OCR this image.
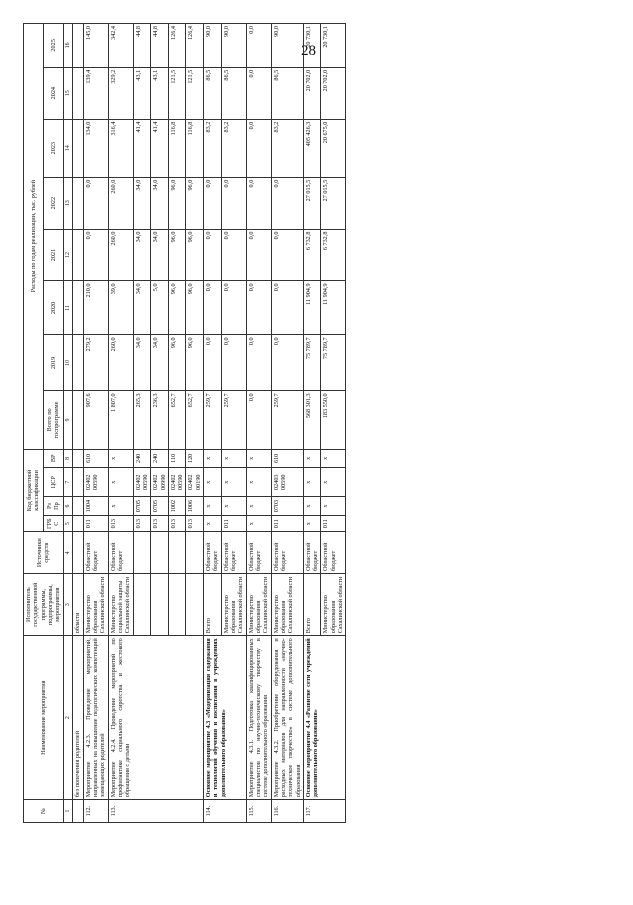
28
№	Наименование мероприятия	Исполнитель государственной программы, подпрограммы, мероприятия	Источники средств	Код бюджетной классификации				Расходы по годам реализации, тыс. рублей							
				ГРБС	Рз Пр	ЦСР	ВР	Всего по госпрограмме	2019	2020	2021	2022	2023	2024	2025
1	2	3	4	5	6	7	8	9	10	11	12	13	14	15	16
	без попечения родителей	области													
112.	Мероприятие 4.2.3. Проведение мероприятий, направленных на повышение педагогических компетенций замещающих родителей	Министерство образования Сахалинской области	Областной бюджет	011	1004	02402 00590	610	907,6	279,2	210,0	0,0	0,0	134,0	139,4	145,0
113.	Мероприятие 4.2.4. Проведение мероприятий по профилактике социального сиротства и жестокого обращения с детьми	Министерство социальной защиты Сахалинской области	Областной бюджет	013	х	х	х	1 807,0	260,0	39,0	260,0	260,0	316,4	329,2	342,4
				013	0705	02402 00590	240	265,3	34,0	34,0	34,0	34,0	41,4	43,1	44,8
				013	0705	02402 00990	240	236,3	34,0	5,0	34,0	34,0	41,4	43,1	44,8
				013	1002	02402 00590	110	652,7	96,0	96,0	96,0	96,0	116,8	121,5	126,4
				013	1006	02402 00190	120	652,7	96,0	96,0	96,0	96,0	116,8	121,5	126,4
114.	Основное мероприятие 4.3 «Модернизация содержания и технологий обучения и воспитания в учреждениях дополнительного образования»	Всего	Областной бюджет	х	х	х	х	259,7	0,0	0,0	0,0	0,0	83,2	86,5	90,0
		Министерство образования Сахалинской области	Областной бюджет	011	х	х	х	259,7	0,0	0,0	0,0	0,0	83,2	86,5	90,0
115.	Мероприятие 4.3.1. Подготовка квалифицированных специалистов по научно-техническому творчеству в системе дополнительного образования	Министерство образования Сахалинской области	Областной бюджет	х	х	х	х	0,0	0,0	0,0	0,0	0,0	0,0	0,0	0,0
116.	Мероприятие 4.3.2. Приобретение оборудования и расходных материалов для направленности «научно-техническое творчество» в системе дополнительного образования	Министерство образования Сахалинской области	Областной бюджет	011	0703	02403 00590	610	259,7	0,0	0,0	0,0	0,0	83,2	86,5	90,0
117.	Основное мероприятие 4.4 «Развитие сети учреждений дополнительного образования»	Всего	Областной бюджет	х	х	х	х	568 301,3	75 789,7	11 904,9	6 732,8	27 015,5	405 426,3	20 702,0	20 730,1
		Министерство образования Сахалинской области	Областной бюджет	011	х	х	х	183 550,0	75 789,7	11 904,9	6 732,8	27 015,5	20 675,0	20 702,0	20 730,1
